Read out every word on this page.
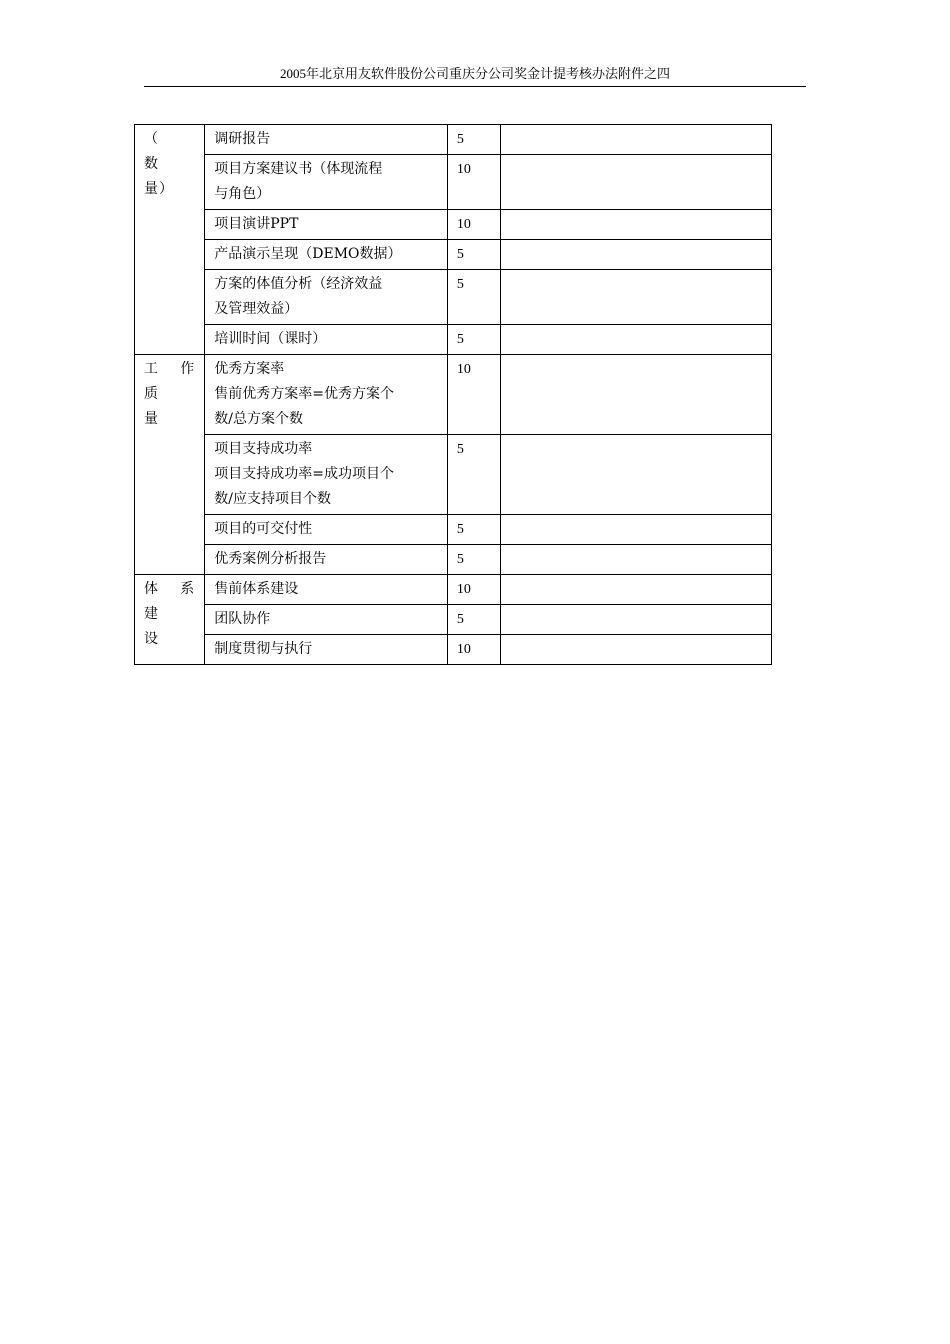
2005年北京用友软件股份公司重庆分公司奖金计提考核办法附件之四
（　　数
量）	调研报告	5	

	项目方案建议书（体现流程
与角色）	10	

	项目演讲PPT	10	

	产品演示呈现（DEMO数据）	5	

	方案的体值分析（经济效益
及管理效益）	5	

	培训时间（课时）	5	

工 作 质
量	优秀方案率
售前优秀方案率=优秀方案个
数/总方案个数	10	

	项目支持成功率
项目支持成功率=成功项目个
数/应支持项目个数	5	

	项目的可交付性	5	

	优秀案例分析报告	5	

体 系 建
设	售前体系建设	10	

	团队协作	5	

	制度贯彻与执行	10	
